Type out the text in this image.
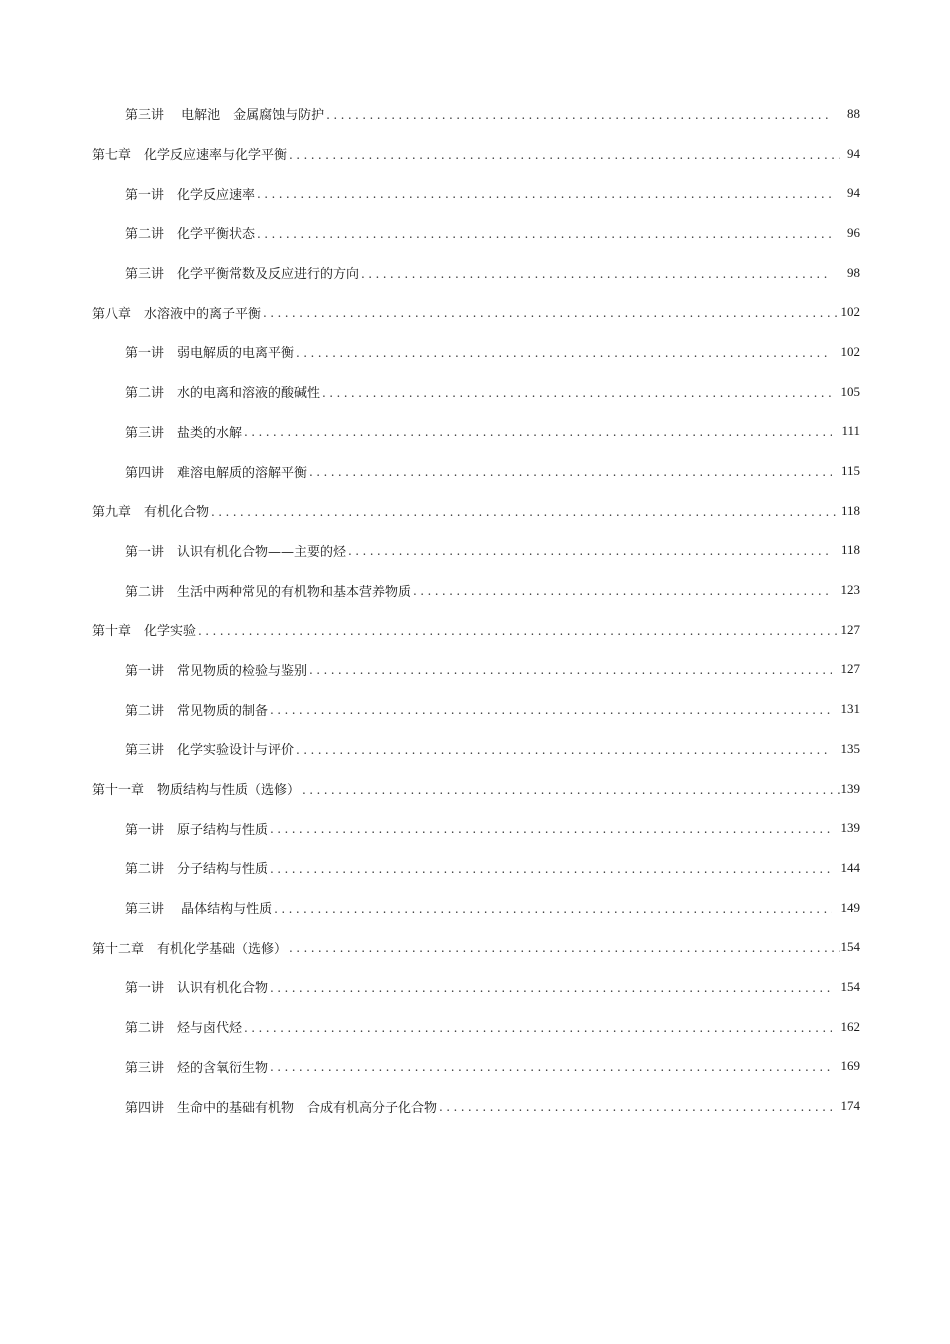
第三讲　 电解池　金属腐蚀与防护 . . .	88
第七章　化学反应速率与化学平衡 . . .	94
第一讲　化学反应速率 . . .	94
第二讲　化学平衡状态 . . .	96
第三讲　化学平衡常数及反应进行的方向 . . .	98
第八章　水溶液中的离子平衡 . . .	102
第一讲　弱电解质的电离平衡 . . .	102
第二讲　水的电离和溶液的酸碱性 . . .	105
第三讲　盐类的水解 . . .	111
第四讲　难溶电解质的溶解平衡 . . .	115
第九章　有机化合物 . . .	118
第一讲　认识有机化合物——主要的烃 . . .	118
第二讲　生活中两种常见的有机物和基本营养物质 . . .	123
第十章　化学实验 . . .	127
第一讲　常见物质的检验与鉴别 . . .	127
第二讲　常见物质的制备 . . .	131
第三讲　化学实验设计与评价 . . .	135
第十一章　物质结构与性质（选修） . . .	139
第一讲　原子结构与性质 . . .	139
第二讲　分子结构与性质 . . .	144
第三讲　 晶体结构与性质 . . .	149
第十二章　有机化学基础（选修） . . .	154
第一讲　认识有机化合物 . . .	154
第二讲　烃与卤代烃 . . .	162
第三讲　烃的含氧衍生物 . . .	169
第四讲　生命中的基础有机物　合成有机高分子化合物 . . .	174
